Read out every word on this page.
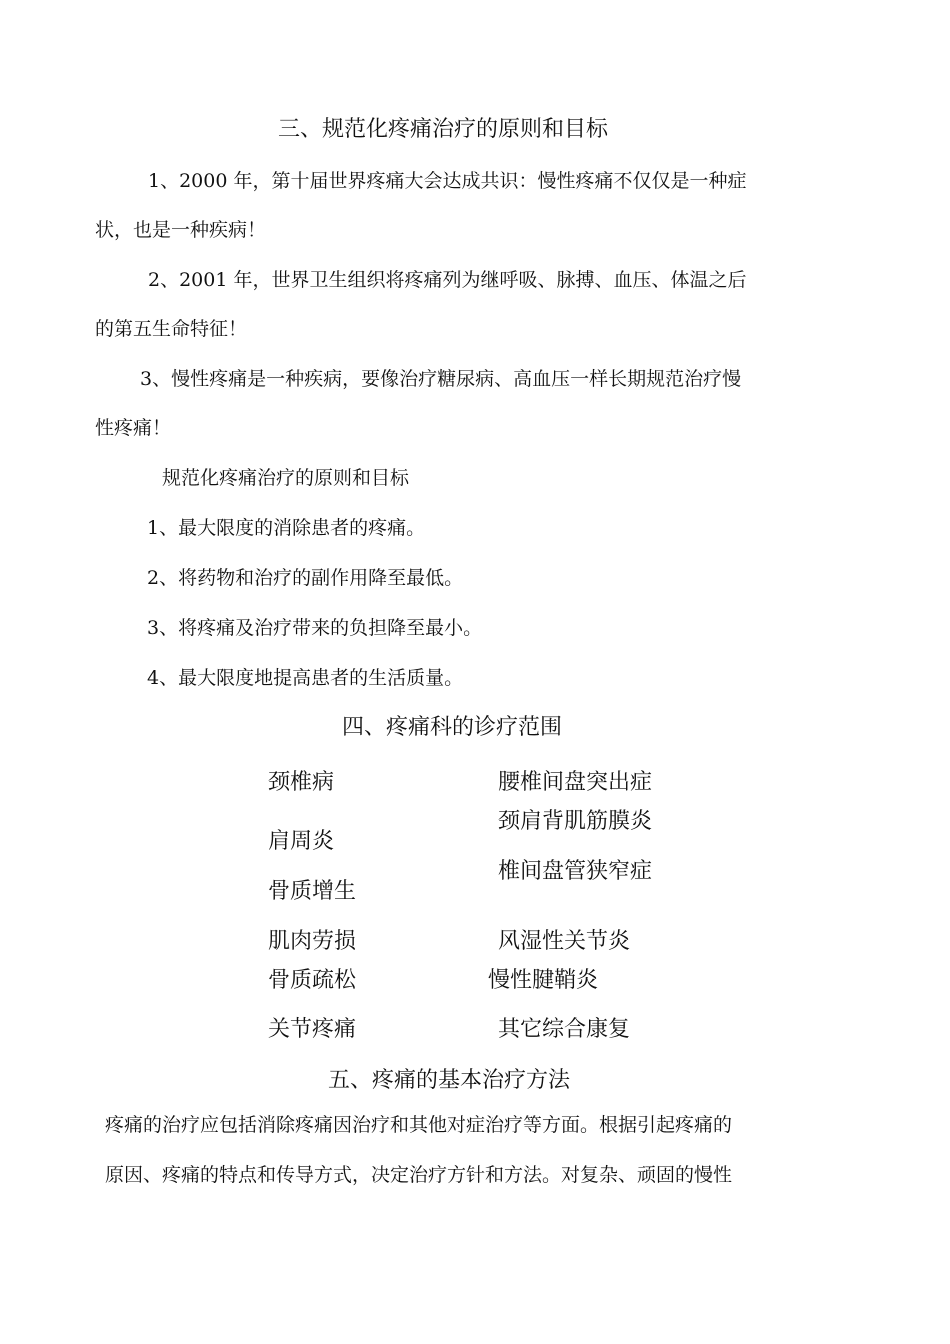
三、规范化疼痛治疗的原则和目标

1、2000 年，第十届世界疼痛大会达成共识：慢性疼痛不仅仅是一种症

状，也是一种疾病！

2、2001 年，世界卫生组织将疼痛列为继呼吸、脉搏、血压、体温之后

的第五生命特征！

3、慢性疼痛是一种疾病，要像治疗糖尿病、高血压一样长期规范治疗慢

性疼痛！

规范化疼痛治疗的原则和目标

1、最大限度的消除患者的疼痛。

2、将药物和治疗的副作用降至最低。

3、将疼痛及治疗带来的负担降至最小。

4、最大限度地提高患者的生活质量。

四、疼痛科的诊疗范围

颈椎病

肩周炎

骨质增生

肌肉劳损

骨质疏松

关节疼痛

腰椎间盘突出症

颈肩背肌筋膜炎

椎间盘管狭窄症

风湿性关节炎

慢性腱鞘炎

其它综合康复

五、疼痛的基本治疗方法

疼痛的治疗应包括消除疼痛因治疗和其他对症治疗等方面。根据引起疼痛的

原因、疼痛的特点和传导方式，决定治疗方针和方法。对复杂、顽固的慢性
